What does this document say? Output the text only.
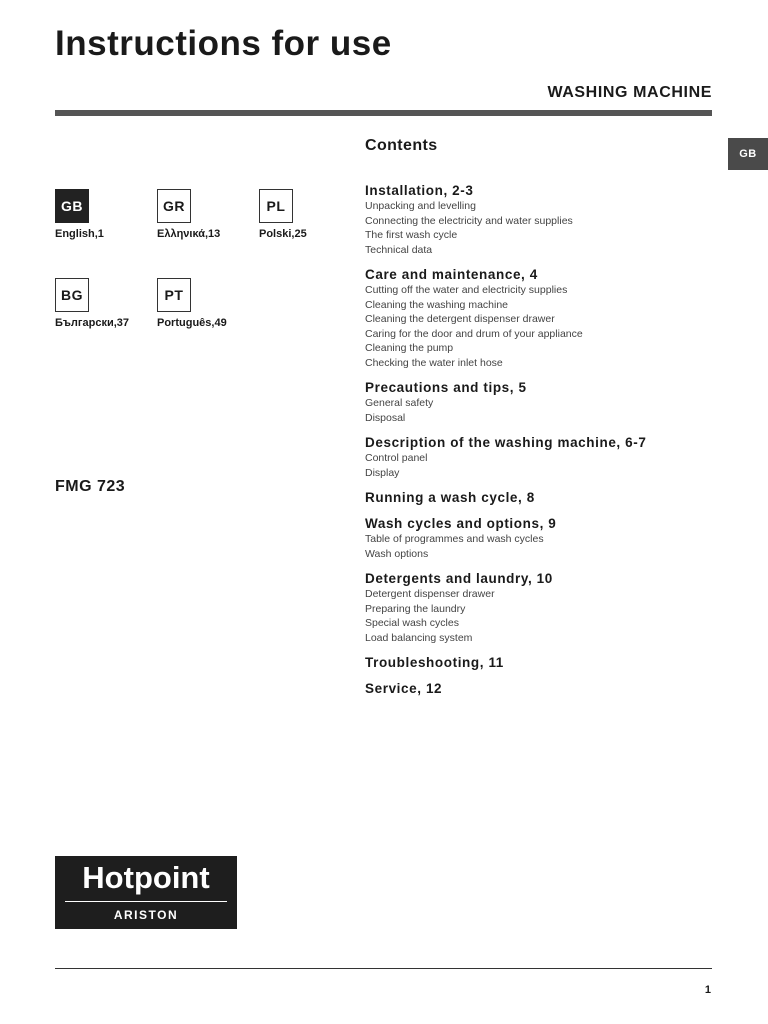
Instructions for use
WASHING MACHINE
GB
GB
English,1
GR
Ελληνικά,13
PL
Polski,25
BG
Български,37
PT
Português,49
FMG 723
Contents
Installation, 2-3
Unpacking and levelling
Connecting the electricity and water supplies
The first wash cycle
Technical data
Care and maintenance, 4
Cutting off the water and electricity supplies
Cleaning the washing machine
Cleaning the detergent dispenser drawer
Caring for the door and drum of your appliance
Cleaning the pump
Checking the water inlet hose
Precautions and tips, 5
General safety
Disposal
Description of the washing machine, 6-7
Control panel
Display
Running a wash cycle, 8
Wash cycles and options, 9
Table of programmes and wash cycles
Wash options
Detergents and laundry, 10
Detergent dispenser drawer
Preparing the laundry
Special wash cycles
Load balancing system
Troubleshooting, 11
Service, 12
Hotpoint
ARISTON
1
